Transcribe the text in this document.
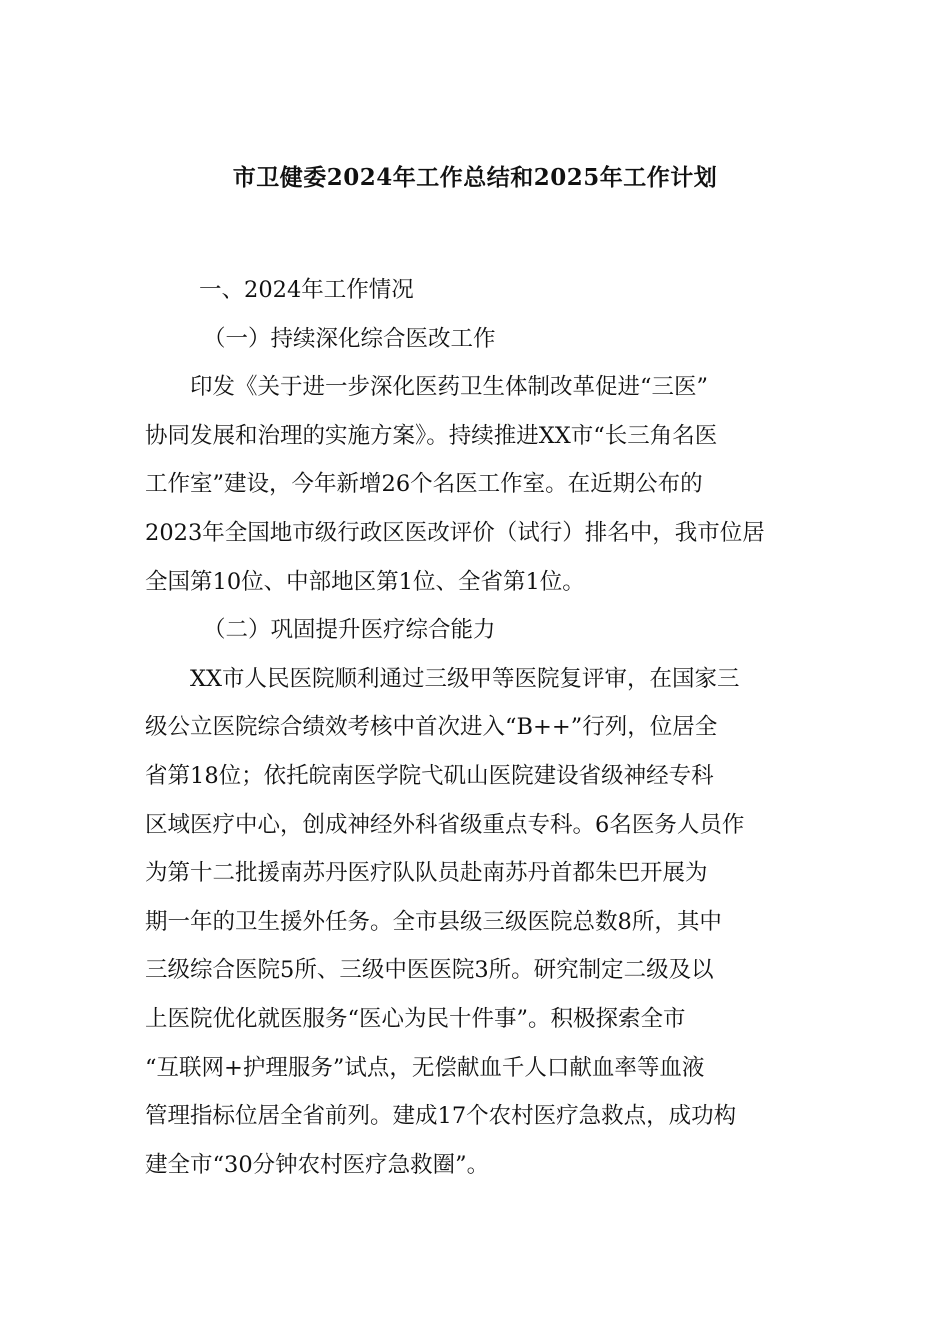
市卫健委2024年工作总结和2025年工作计划

一、2024年工作情况

（一）持续深化综合医改工作

　　印发《关于进一步深化医药卫生体制改革促进“三医”

协同发展和治理的实施方案》。持续推进XX市“长三角名医

工作室”建设，今年新增26个名医工作室。在近期公布的

2023年全国地市级行政区医改评价（试行）排名中，我市位居

全国第10位、中部地区第1位、全省第1位。

（二）巩固提升医疗综合能力

　　XX市人民医院顺利通过三级甲等医院复评审，在国家三

级公立医院综合绩效考核中首次进入“B++”行列，位居全

省第18位；依托皖南医学院弋矶山医院建设省级神经专科

区域医疗中心，创成神经外科省级重点专科。6名医务人员作

为第十二批援南苏丹医疗队队员赴南苏丹首都朱巴开展为

期一年的卫生援外任务。全市县级三级医院总数8所，其中

三级综合医院5所、三级中医医院3所。研究制定二级及以

上医院优化就医服务“医心为民十件事”。积极探索全市

“互联网+护理服务”试点，无偿献血千人口献血率等血液

管理指标位居全省前列。建成17个农村医疗急救点，成功构

建全市“30分钟农村医疗急救圈”。
